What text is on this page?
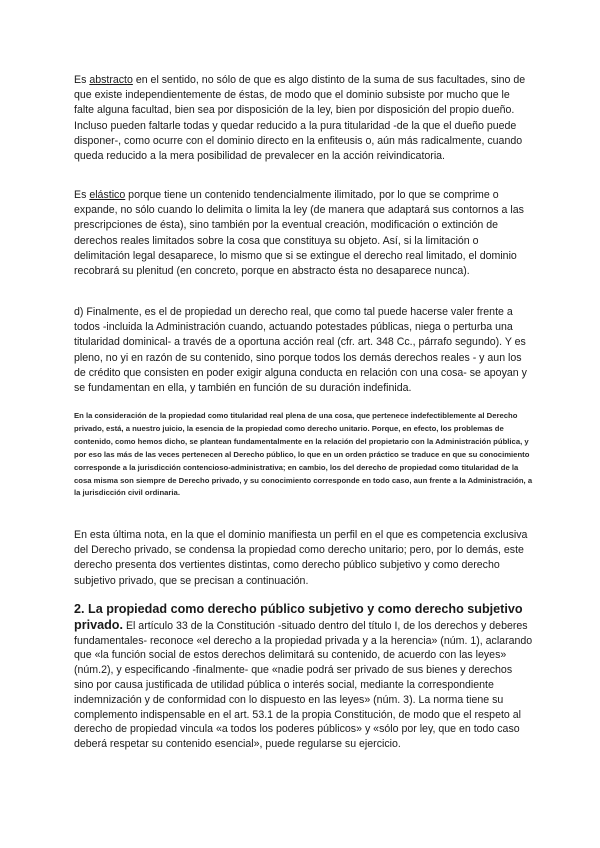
Es abstracto en el sentido, no sólo de que es algo distinto de la suma de sus facultades, sino de que existe independientemente de éstas, de modo que el dominio subsiste por mucho que le falte alguna facultad, bien sea por disposición de la ley, bien por disposición del propio dueño. Incluso pueden faltarle todas y quedar reducido a la pura titularidad -de la que el dueño puede disponer-, como ocurre con el dominio directo en la enfiteusis o, aún más radicalmente, cuando queda reducido a la mera posibilidad de prevalecer en la acción reivindicatoria.

Es elástico porque tiene un contenido tendencialmente ilimitado, por lo que se comprime o expande, no sólo cuando lo delimita o limita la ley (de manera que adaptará sus contornos a las prescripciones de ésta), sino también por la eventual creación, modificación o extinción de derechos reales limitados sobre la cosa que constituya su objeto. Así, si la limitación o delimitación legal desaparece, lo mismo que si se extingue el derecho real limitado, el dominio recobrará su plenitud (en concreto, porque en abstracto ésta no desaparece nunca).

d) Finalmente, es el de propiedad un derecho real, que como tal puede hacerse valer frente a todos -incluida la Administración cuando, actuando potestades públicas, niega o perturba una titularidad dominical- a través de a oportuna acción real (cfr. art. 348 Cc., párrafo segundo). Y es pleno, no yi en razón de su contenido, sino porque todos los demás derechos reales - y aun los de crédito que consisten en poder exigir alguna conducta en relación con una cosa- se apoyan y se fundamentan en ella, y también en función de su duración indefinida.

En la consideración de la propiedad como titularidad real plena de una cosa, que pertenece indefectiblemente al Derecho privado, está, a nuestro juicio, la esencia de la propiedad como derecho unitario. Porque, en efecto, los problemas de contenido, como hemos dicho, se plantean fundamentalmente en la relación del propietario con la Administración pública, y por eso las más de las veces pertenecen al Derecho público, lo que en un orden práctico se traduce en que su conocimiento corresponde a la jurisdicción contencioso-administrativa; en cambio, los del derecho de propiedad como titularidad de la cosa misma son siempre de Derecho privado, y su conocimiento corresponde en todo caso, aun frente a la Administración, a la jurisdicción civil ordinaria.

En esta última nota, en la que el dominio manifiesta un perfil en el que es competencia exclusiva del Derecho privado, se condensa la propiedad como derecho unitario; pero, por lo demás, este derecho presenta dos vertientes distintas, como derecho público subjetivo y como derecho subjetivo privado, que se precisan a continuación.

2. La propiedad como derecho público subjetivo y como derecho subjetivo privado. El artículo 33 de la Constitución -situado dentro del título I, de los derechos y deberes fundamentales- reconoce «el derecho a la propiedad privada y a la herencia» (núm. 1), aclarando que «la función social de estos derechos delimitará su contenido, de acuerdo con las leyes» (núm.2), y especificando -finalmente- que «nadie podrá ser privado de sus bienes y derechos sino por causa justificada de utilidad pública o interés social, mediante la correspondiente indemnización y de conformidad con lo dispuesto en las leyes» (núm. 3). La norma tiene su complemento indispensable en el art. 53.1 de la propia Constitución, de modo que el respeto al derecho de propiedad vincula «a todos los poderes públicos» y «sólo por ley, que en todo caso deberá respetar su contenido esencial», puede regularse su ejercicio.
